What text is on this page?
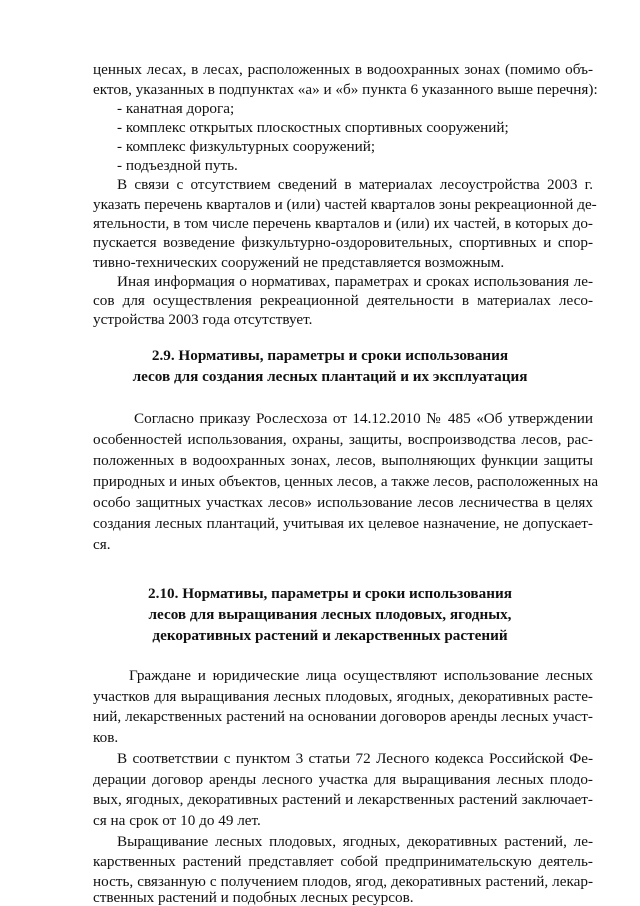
ценных лесах, в лесах, расположенных в водоохранных зонах (помимо объ-
ектов, указанных в подпунктах «а» и «б» пункта 6 указанного выше перечня):
- канатная дорога;
- комплекс открытых плоскостных спортивных сооружений;
- комплекс физкультурных сооружений;
- подъездной путь.
В связи с отсутствием сведений в материалах лесоустройства 2003 г.
указать перечень кварталов и (или) частей кварталов зоны рекреационной де-
ятельности, в том числе перечень кварталов и (или) их частей, в которых до-
пускается возведение физкультурно-оздоровительных, спортивных и спор-
тивно-технических сооружений не представляется возможным.
Иная информация о нормативах, параметрах и сроках использования ле-
сов для осуществления рекреационной деятельности в материалах лесо-
устройства 2003 года отсутствует.
2.9. Нормативы, параметры и сроки использования
лесов для создания лесных плантаций и их эксплуатация
Согласно приказу Рослесхоза от 14.12.2010 № 485 «Об утверждении
особенностей использования, охраны, защиты, воспроизводства лесов, рас-
положенных в водоохранных зонах, лесов, выполняющих функции защиты
природных и иных объектов, ценных лесов, а также лесов, расположенных на
особо защитных участках лесов» использование лесов лесничества в целях
создания лесных плантаций, учитывая их целевое назначение, не допускает-
ся.
2.10. Нормативы, параметры и сроки использования
лесов для выращивания лесных плодовых, ягодных,
декоративных растений и лекарственных растений
Граждане и юридические лица осуществляют использование лесных
участков для выращивания лесных плодовых, ягодных, декоративных расте-
ний, лекарственных растений на основании договоров аренды лесных участ-
ков.
В соответствии с пунктом 3 статьи 72 Лесного кодекса Российской Фе-
дерации договор аренды лесного участка для выращивания лесных плодо-
вых, ягодных, декоративных растений и лекарственных растений заключает-
ся на срок от 10 до 49 лет.
Выращивание лесных плодовых, ягодных, декоративных растений, ле-
карственных растений представляет собой предпринимательскую деятель-
ность, связанную с получением плодов, ягод, декоративных растений, лекар-
ственных растений и подобных лесных ресурсов.
